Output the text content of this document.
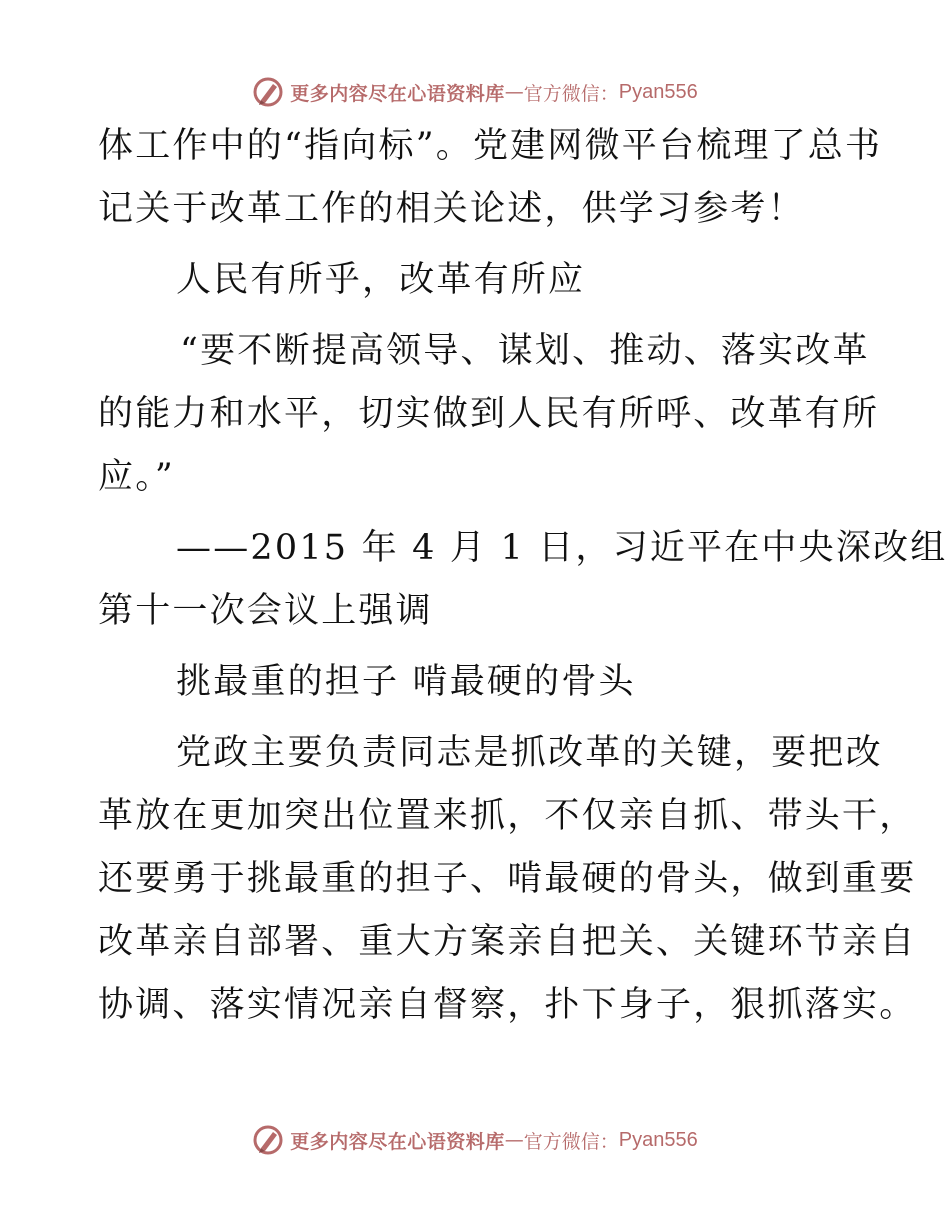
更多内容尽在心语资料库 — 官方微信： Pyan556

体工作中的“指向标”。党建网微平台梳理了总书

记关于改革工作的相关论述，供学习参考！

人民有所乎，改革有所应

“要不断提高领导、谋划、推动、落实改革

的能力和水平，切实做到人民有所呼、改革有所

应。”

——2015 年 4 月 1 日，习近平在中央深改组

第十一次会议上强调

挑最重的担子 啃最硬的骨头

党政主要负责同志是抓改革的关键，要把改

革放在更加突出位置来抓，不仅亲自抓、带头干，

还要勇于挑最重的担子、啃最硬的骨头，做到重要

改革亲自部署、重大方案亲自把关、关键环节亲自

协调、落实情况亲自督察，扑下身子，狠抓落实。

更多内容尽在心语资料库 — 官方微信： Pyan556
